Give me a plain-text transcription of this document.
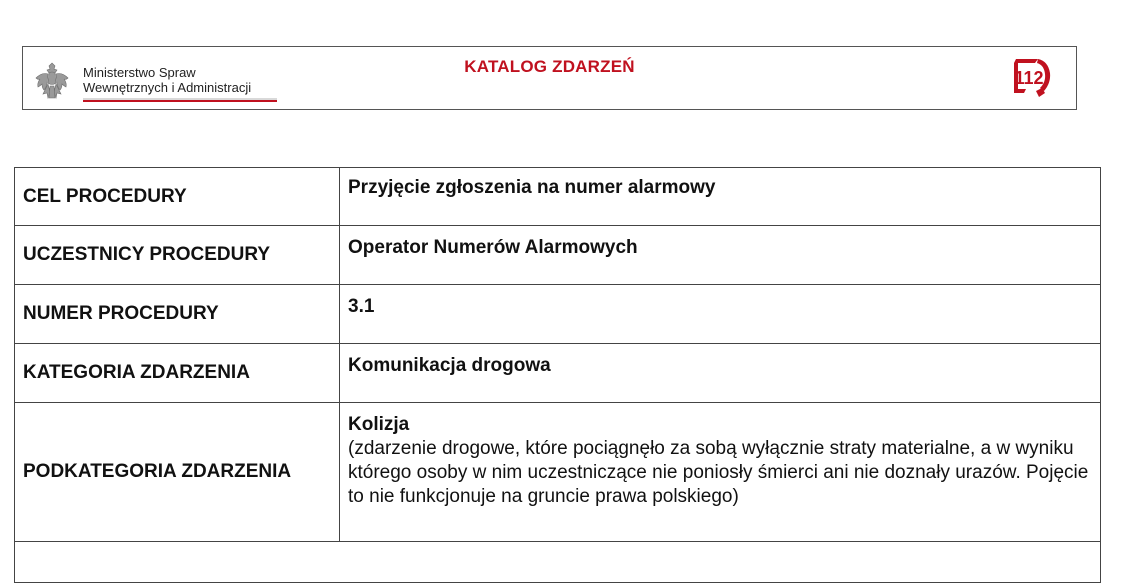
Ministerstwo Spraw
Wewnętrznych i Administracji
KATALOG ZDARZEŃ
112
CEL PROCEDURY	Przyjęcie zgłoszenia na numer alarmowy
UCZESTNICY PROCEDURY	Operator Numerów Alarmowych
NUMER PROCEDURY	3.1
KATEGORIA ZDARZENIA	Komunikacja drogowa
PODKATEGORIA ZDARZENIA	Kolizja
(zdarzenie drogowe, które pociągnęło za sobą wyłącznie straty materialne, a w wyniku którego osoby w nim uczestniczące nie poniosły śmierci ani nie doznały urazów. Pojęcie to nie funkcjonuje na gruncie prawa polskiego)
